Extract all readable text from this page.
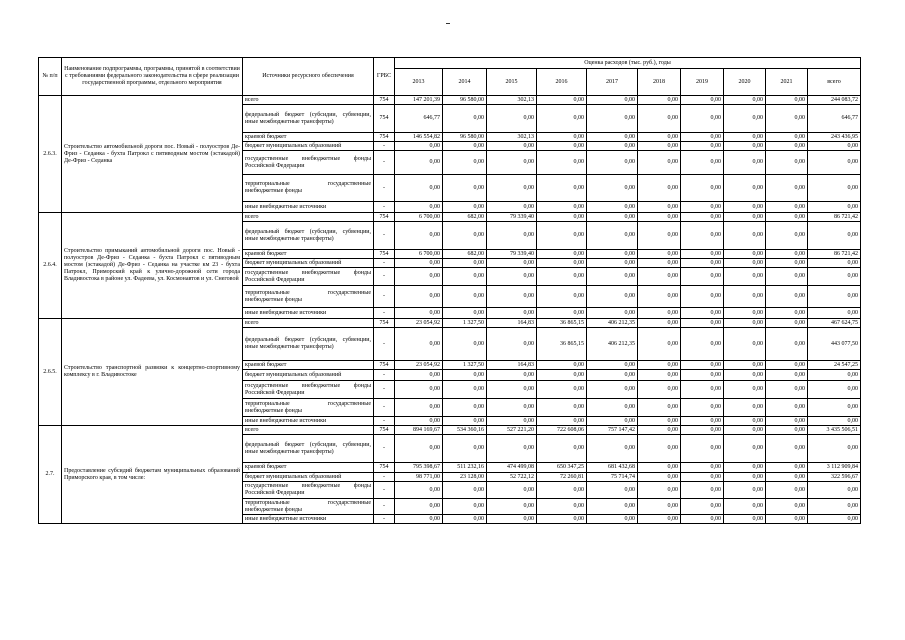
№ п/п	Наименование подпрограммы, программы, принятой в соответствии с требованиями федерального законодательства в сфере реализации государственной программы, отдельного мероприятия	Источники ресурсного обеспечения	ГРБС	Оценка расходов (тыс. руб.), годы									
				2013	2014	2015	2016	2017	2018	2019	2020	2021	всего
2.6.3.	Строительство автомобильной дороги пос. Новый - полуостров Де-Фриз - Седанка - бухта Патрокл с пятиводным мостом (эстакадой) Де-Фриз - Седанка	всего	754	147 201,39	96 580,00	302,13	0,00	0,00	0,00	0,00	0,00	0,00	244 083,72
		федеральный бюджет (субсидии, субвенции, иные межбюджетные трансферты)	754	646,77	0,00	0,00	0,00	0,00	0,00	0,00	0,00	0,00	646,77
		краевой бюджет	754	146 554,82	96 580,00	302,13	0,00	0,00	0,00	0,00	0,00	0,00	243 436,95
		бюджет муниципальных образований	-	0,00	0,00	0,00	0,00	0,00	0,00	0,00	0,00	0,00	0,00
		государственные внебюджетные фонды Российской Федерации	-	0,00	0,00	0,00	0,00	0,00	0,00	0,00	0,00	0,00	0,00
		территориальные государственные внебюджетные фонды	-	0,00	0,00	0,00	0,00	0,00	0,00	0,00	0,00	0,00	0,00
		иные внебюджетные источники	-	0,00	0,00	0,00	0,00	0,00	0,00	0,00	0,00	0,00	0,00
2.6.4.	Строительство примыканий автомобильной дороги пос. Новый - полуостров Де-Фриз - Седанка - бухта Патрокл с пятиводным мостом (эстакадой) Де-Фриз - Седанка на участке км 23 - бухта Патрокл, Приморский край к улично-дорожной сети города Владивостока в районе ул. Фадеева, ул. Космонавтов и ул. Снеговой	всего	754	6 700,00	682,00	79 339,40	0,00	0,00	0,00	0,00	0,00	0,00	86 721,42
		федеральный бюджет (субсидии, субвенции, иные межбюджетные трансферты)	-	0,00	0,00	0,00	0,00	0,00	0,00	0,00	0,00	0,00	0,00
		краевой бюджет	754	6 700,00	682,00	79 339,40	0,00	0,00	0,00	0,00	0,00	0,00	86 721,42
		бюджет муниципальных образований	-	0,00	0,00	0,00	0,00	0,00	0,00	0,00	0,00	0,00	0,00
		государственные внебюджетные фонды Российской Федерации	-	0,00	0,00	0,00	0,00	0,00	0,00	0,00	0,00	0,00	0,00
		территориальные государственные внебюджетные фонды	-	0,00	0,00	0,00	0,00	0,00	0,00	0,00	0,00	0,00	0,00
		иные внебюджетные источники	-	0,00	0,00	0,00	0,00	0,00	0,00	0,00	0,00	0,00	0,00
2.6.5.	Строительство транспортной развязки к концертно-спортивному комплексу в г. Владивостоке	всего	754	23 054,92	1 327,50	164,83	36 865,15	406 212,35	0,00	0,00	0,00	0,00	467 624,75
		федеральный бюджет (субсидии, субвенции, иные межбюджетные трансферты)	-	0,00	0,00	0,00	36 865,15	406 212,35	0,00	0,00	0,00	0,00	443 077,50
		краевой бюджет	754	23 054,92	1 327,50	164,83	0,00	0,00	0,00	0,00	0,00	0,00	24 547,25
		бюджет муниципальных образований	-	0,00	0,00	0,00	0,00	0,00	0,00	0,00	0,00	0,00	0,00
		государственные внебюджетные фонды Российской Федерации	-	0,00	0,00	0,00	0,00	0,00	0,00	0,00	0,00	0,00	0,00
		территориальные государственные внебюджетные фонды	-	0,00	0,00	0,00	0,00	0,00	0,00	0,00	0,00	0,00	0,00
		иные внебюджетные источники	-	0,00	0,00	0,00	0,00	0,00	0,00	0,00	0,00	0,00	0,00
2.7.	Предоставление субсидий бюджетам муниципальных образований Приморского края, в том числе:	всего	754	894 169,67	534 360,16	527 221,20	722 608,06	757 147,42	0,00	0,00	0,00	0,00	3 435 506,51
		федеральный бюджет (субсидии, субвенции, иные межбюджетные трансферты)	-	0,00	0,00	0,00	0,00	0,00	0,00	0,00	0,00	0,00	0,00
		краевой бюджет	754	795 398,67	511 232,16	474 499,08	650 347,25	681 432,68	0,00	0,00	0,00	0,00	3 112 909,84
		бюджет муниципальных образований	-	98 771,00	23 128,00	52 722,12	72 260,81	75 714,74	0,00	0,00	0,00	0,00	322 596,67
		государственные внебюджетные фонды Российской Федерации	-	0,00	0,00	0,00	0,00	0,00	0,00	0,00	0,00	0,00	0,00
		территориальные государственные внебюджетные фонды	-	0,00	0,00	0,00	0,00	0,00	0,00	0,00	0,00	0,00	0,00
		иные внебюджетные источники	-	0,00	0,00	0,00	0,00	0,00	0,00	0,00	0,00	0,00	0,00
